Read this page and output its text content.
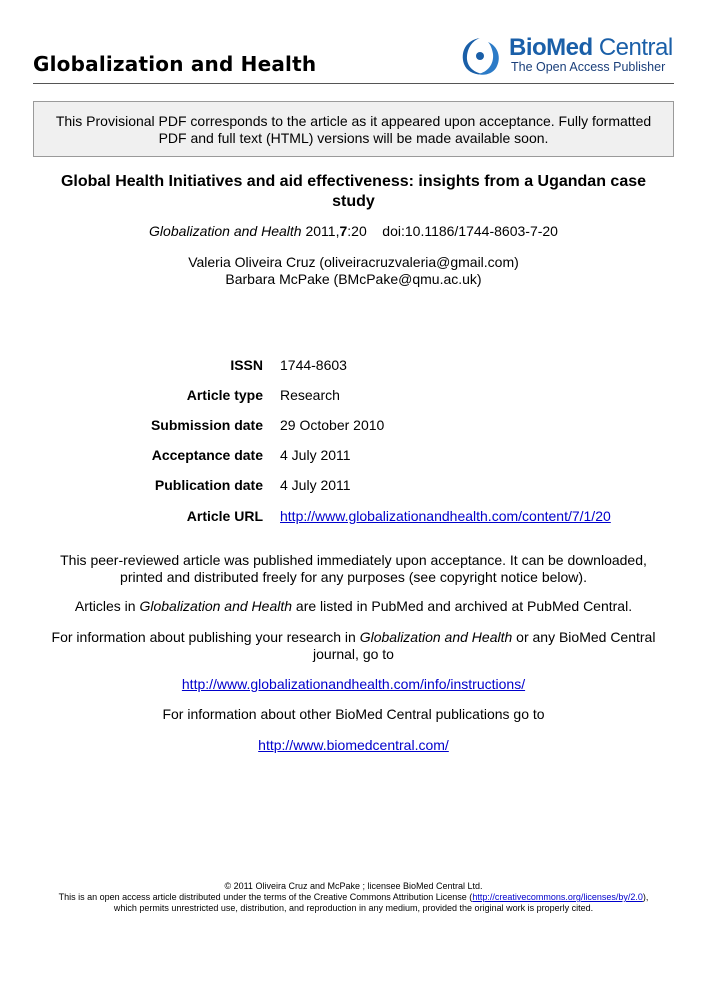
Globalization and Health
BioMed Central
The Open Access Publisher
This Provisional PDF corresponds to the article as it appeared upon acceptance. Fully formatted
PDF and full text (HTML) versions will be made available soon.
Global Health Initiatives and aid effectiveness: insights from a Ugandan case study
Globalization and Health 2011,7:20 doi:10.1186/1744-8603-7-20
Valeria Oliveira Cruz (oliveiracruzvaleria@gmail.com)
Barbara McPake (BMcPake@qmu.ac.uk)
ISSN 1744-8603
Article type Research
Submission date 29 October 2010
Acceptance date 4 July 2011
Publication date 4 July 2011
Article URL http://www.globalizationandhealth.com/content/7/1/20
This peer-reviewed article was published immediately upon acceptance. It can be downloaded,
printed and distributed freely for any purposes (see copyright notice below).
Articles in Globalization and Health are listed in PubMed and archived at PubMed Central.
For information about publishing your research in Globalization and Health or any BioMed Central
journal, go to
http://www.globalizationandhealth.com/info/instructions/
For information about other BioMed Central publications go to
http://www.biomedcentral.com/
© 2011 Oliveira Cruz and McPake ; licensee BioMed Central Ltd.
This is an open access article distributed under the terms of the Creative Commons Attribution License (http://creativecommons.org/licenses/by/2.0),
which permits unrestricted use, distribution, and reproduction in any medium, provided the original work is properly cited.
